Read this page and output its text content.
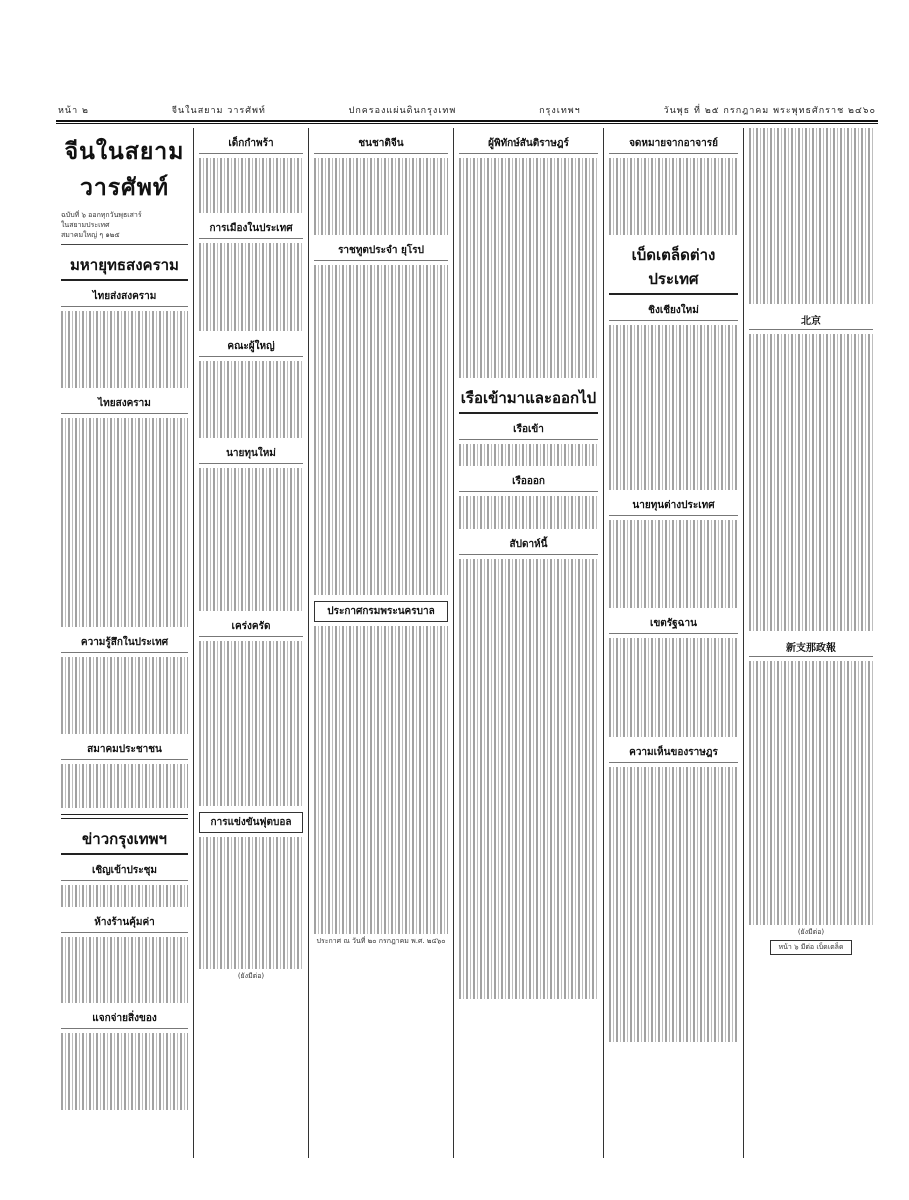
หน้า ๒	จีนในสยาม วารศัพท์	ปกครองแผ่นดินกรุงเทพ	กรุงเทพฯ	วันพุธ ที่ ๒๕ กรกฎาคม พระพุทธศักราช ๒๔๖๐
จีนในสยามวารศัพท์
ฉบับที่ ๖ ออกทุกวันพุธเสาร์
ในสยามประเทศ
สมาคมใหญ่ ๆ ๑๒๕
มหายุทธสงคราม
ไทยส่งสงคราม
ไทยสงคราม
ความรู้สึกในประเทศ
สมาคมประชาชน
ข่าวกรุงเทพฯ
เชิญเข้าประชุม
ห้างร้านคุ้มค่า
แจกจ่ายสิ่งของ
เด็กกำพร้า
การเมืองในประเทศ
คณะผู้ใหญ่
นายทุนใหม่
เคร่งครัด
การแข่งขันฟุตบอล
(ยังมีต่อ)
ชนชาติจีน
ราชทูตประจำ ยุโรป
ประกาศกรมพระนครบาล
ประกาศ ณ วันที่ ๒๐ กรกฎาคม พ.ศ. ๒๔๖๐
ผู้พิทักษ์สันติราษฎร์
เรือเข้ามาและออกไป
เรือเข้า
เรือออก
สัปดาห์นี้
จดหมายจากอาจารย์
เบ็ดเตล็ดต่างประเทศ
ชิงเชียงใหม่
นายทุนต่างประเทศ
เขตรัฐฉาน
ความเห็นของราษฎร
北京
新支那政報
(ยังมีต่อ)
หน้า ๖ มีต่อ เบ็ดเตล็ด
